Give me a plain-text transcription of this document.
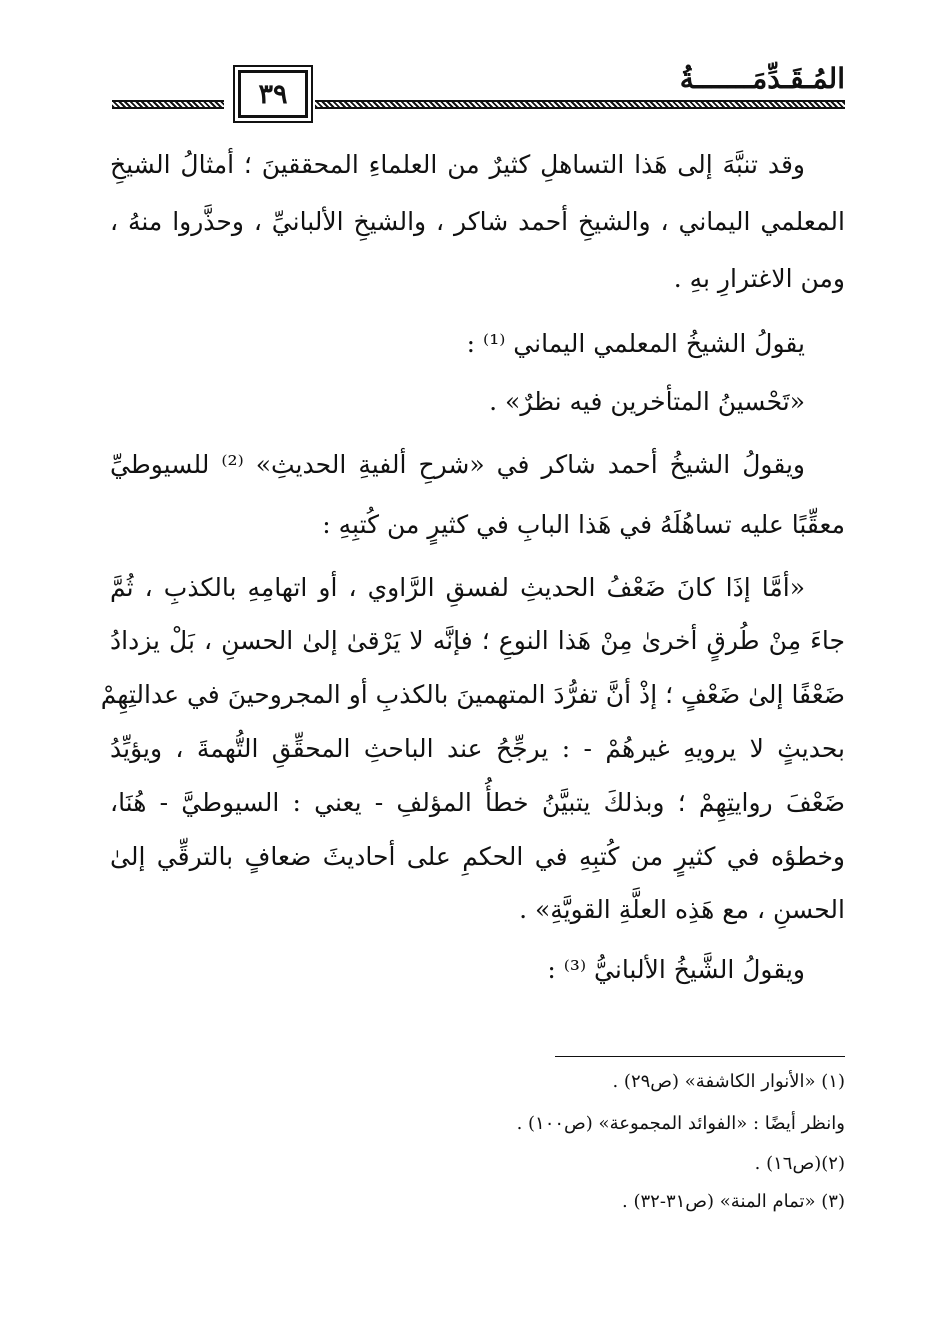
المُـقَـدِّمَـــــــةُ
٣٩
وقد تنبَّهَ إلى هَذا التساهلِ كثيرٌ من العلماءِ المحققينَ ؛ أمثالُ الشيخِ
المعلمي اليماني ، والشيخِ أحمد شاكر ، والشيخِ الألبانيِّ ، وحذَّروا منهُ ،
ومن الاغترارِ بهِ .
يقولُ الشيخُ المعلمي اليماني ⁽¹⁾ :
«تَحْسينُ المتأخرين فيه نظرٌ» .
ويقولُ الشيخُ أحمد شاكر في «شرحِ ألفيةِ الحديثِ» ⁽²⁾ للسيوطيِّ
معقِّبًا عليه تساهُلَهُ في هَذا البابِ في كثيرٍ من كُتبِهِ :
«أمَّا إذَا كانَ ضَعْفُ الحديثِ لفسقِ الرَّاوي ، أو اتهامِهِ بالكذبِ ، ثُمَّ
جاءَ مِنْ طُرقٍ أخرىٰ مِنْ هَذا النوعِ ؛ فإنَّه لا يَرْقىٰ إلىٰ الحسنِ ، بَلْ يزدادُ
ضَعْفًا إلىٰ ضَعْفٍ ؛ إذْ أنَّ تفرُّدَ المتهمينَ بالكذبِ أو المجروحينَ في عدالتِهِمْ
بحديثٍ لا يرويهِ غيرهُمْ - : يرجِّحُ عند الباحثِ المحقِّقِ التُّهمةَ ، ويؤيِّدُ
ضَعْفَ روايتِهِمْ ؛ وبذلكَ يتبيَّنُ خطأُ المؤلفِ - يعني : السيوطيَّ - هُنَا،
وخطؤه في كثيرٍ من كُتبِهِ في الحكمِ على أحاديثَ ضعافٍ بالترقِّي إلىٰ
الحسنِ ، مع هَذِه العلَّةِ القويَّةِ» .
ويقولُ الشَّيخُ الألبانيُّ ⁽³⁾ :
(١) «الأنوار الكاشفة» (ص٢٩) .
وانظر أيضًا : «الفوائد المجموعة» (ص١٠٠) .
(٢)(ص١٦) .
(٣) «تمام المنة» (ص٣١-٣٢) .
